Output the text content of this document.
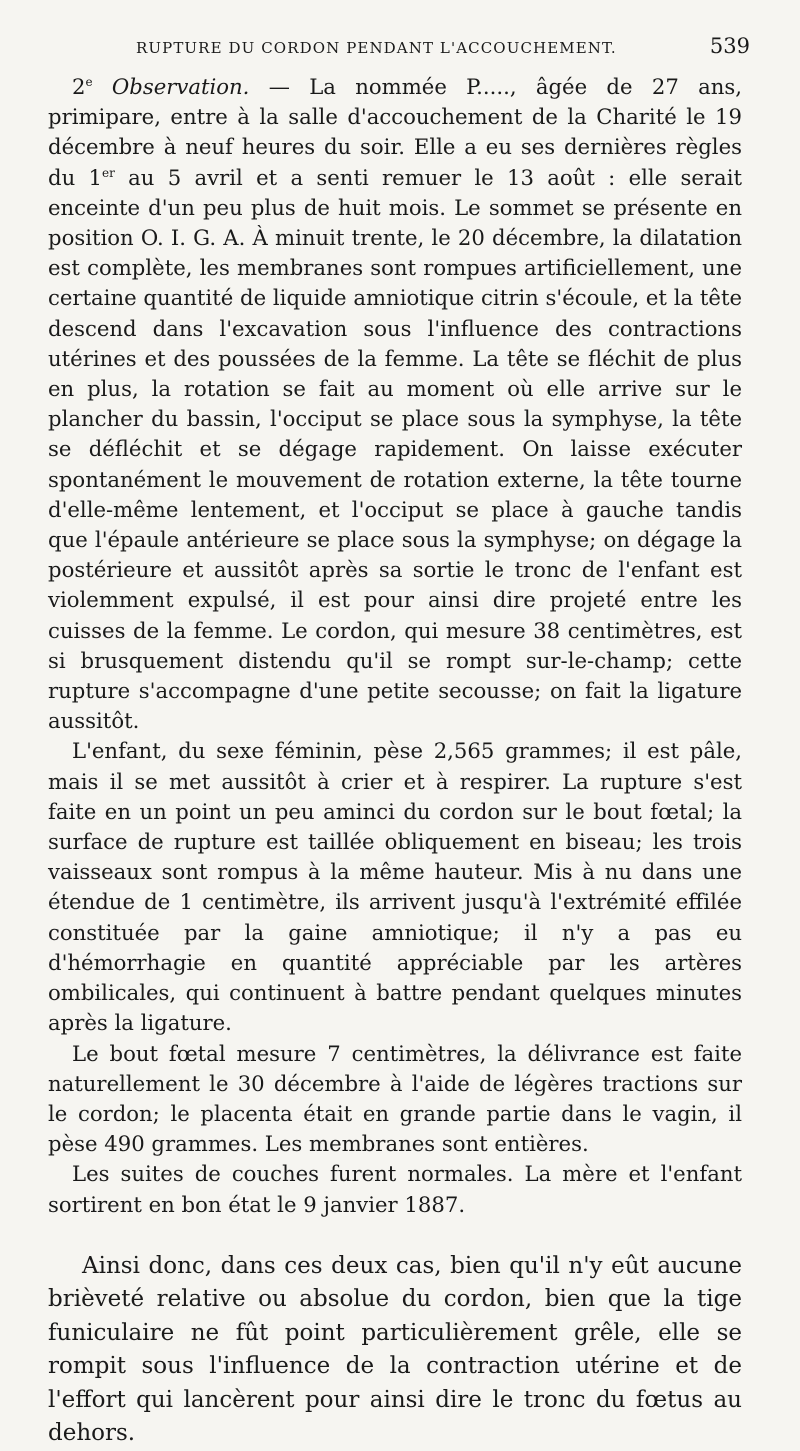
RUPTURE DU CORDON PENDANT L'ACCOUCHEMENT.	539

2e Observation. — La nommée P....., âgée de 27 ans, primipare, entre à la salle d'accouchement de la Charité le 19 décembre à neuf heures du soir. Elle a eu ses dernières règles du 1er au 5 avril et a senti remuer le 13 août : elle serait enceinte d'un peu plus de huit mois. Le sommet se présente en position O. I. G. A. À minuit trente, le 20 décembre, la dilatation est complète, les membranes sont rompues artificiellement, une certaine quantité de liquide amniotique citrin s'écoule, et la tête descend dans l'excavation sous l'influence des contractions utérines et des poussées de la femme. La tête se fléchit de plus en plus, la rotation se fait au moment où elle arrive sur le plancher du bassin, l'occiput se place sous la symphyse, la tête se défléchit et se dégage rapidement. On laisse exécuter spontanément le mouvement de rotation externe, la tête tourne d'elle-même lentement, et l'occiput se place à gauche tandis que l'épaule antérieure se place sous la symphyse; on dégage la postérieure et aussitôt après sa sortie le tronc de l'enfant est violemment expulsé, il est pour ainsi dire projeté entre les cuisses de la femme. Le cordon, qui mesure 38 centimètres, est si brusquement distendu qu'il se rompt sur-le-champ; cette rupture s'accompagne d'une petite secousse; on fait la ligature aussitôt.

L'enfant, du sexe féminin, pèse 2,565 grammes; il est pâle, mais il se met aussitôt à crier et à respirer. La rupture s'est faite en un point un peu aminci du cordon sur le bout fœtal; la surface de rupture est taillée obliquement en biseau; les trois vaisseaux sont rompus à la même hauteur. Mis à nu dans une étendue de 1 centimètre, ils arrivent jusqu'à l'extrémité effilée constituée par la gaine amniotique; il n'y a pas eu d'hémorrhagie en quantité appréciable par les artères ombilicales, qui continuent à battre pendant quelques minutes après la ligature.

Le bout fœtal mesure 7 centimètres, la délivrance est faite naturellement le 30 décembre à l'aide de légères tractions sur le cordon; le placenta était en grande partie dans le vagin, il pèse 490 grammes. Les membranes sont entières.

Les suites de couches furent normales. La mère et l'enfant sortirent en bon état le 9 janvier 1887.

Ainsi donc, dans ces deux cas, bien qu'il n'y eût aucune brièveté relative ou absolue du cordon, bien que la tige funiculaire ne fût point particulièrement grêle, elle se rompit sous l'influence de la contraction utérine et de l'effort qui lancèrent pour ainsi dire le tronc du fœtus au dehors.
